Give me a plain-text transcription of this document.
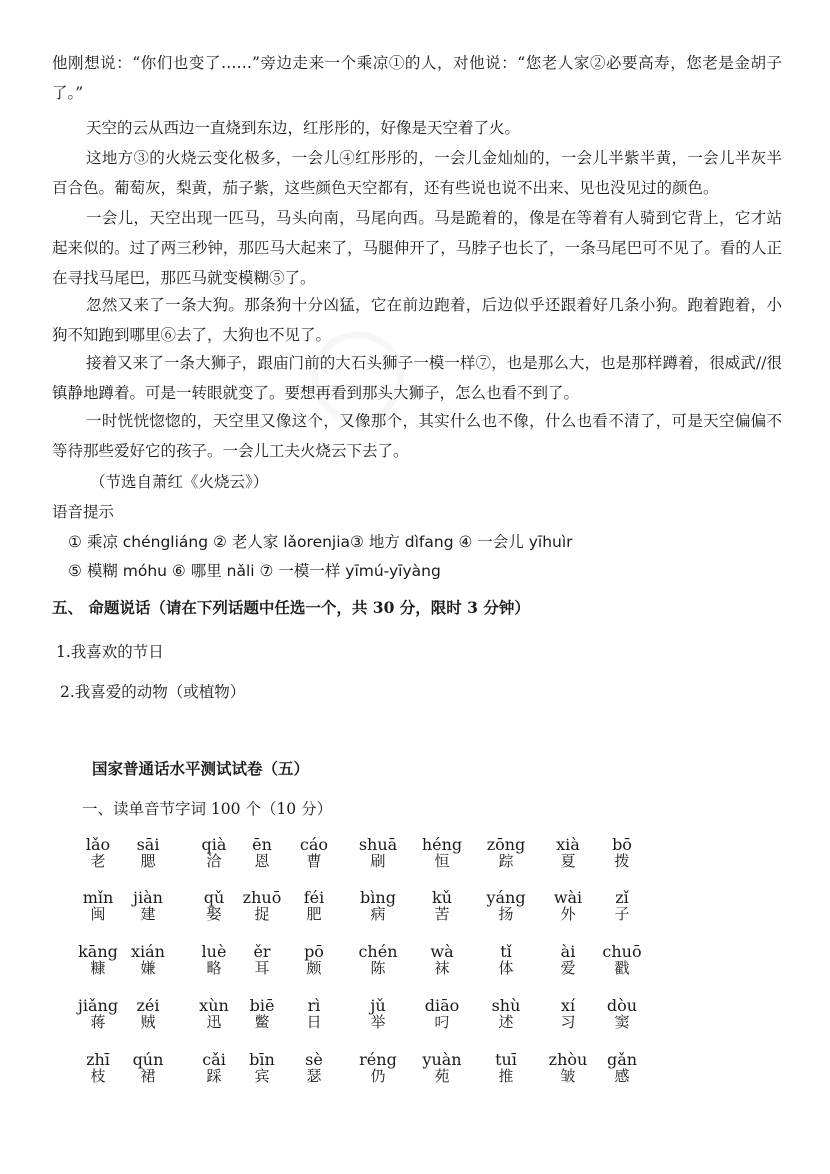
他刚想说：“你们也变了……”旁边走来一个乘凉①的人，对他说：“您老人家②必要高寿，您老是金胡子了。”

天空的云从西边一直烧到东边，红彤彤的，好像是天空着了火。

这地方③的火烧云变化极多，一会儿④红彤彤的，一会儿金灿灿的，一会儿半紫半黄，一会儿半灰半百合色。葡萄灰，梨黄，茄子紫，这些颜色天空都有，还有些说也说不出来、见也没见过的颜色。

一会儿，天空出现一匹马，马头向南，马尾向西。马是跪着的，像是在等着有人骑到它背上，它才站起来似的。过了两三秒钟，那匹马大起来了，马腿伸开了，马脖子也长了，一条马尾巴可不见了。看的人正在寻找马尾巴，那匹马就变模糊⑤了。

忽然又来了一条大狗。那条狗十分凶猛，它在前边跑着，后边似乎还跟着好几条小狗。跑着跑着，小狗不知跑到哪里⑥去了，大狗也不见了。

接着又来了一条大狮子，跟庙门前的大石头狮子一模一样⑦，也是那么大，也是那样蹲着，很威武//很镇静地蹲着。可是一转眼就变了。要想再看到那头大狮子，怎么也看不到了。

一时恍恍惚惚的，天空里又像这个，又像那个，其实什么也不像，什么也看不清了，可是天空偏偏不等待那些爱好它的孩子。一会儿工夫火烧云下去了。

（节选自萧红《火烧云》）
语音提示
① 乘凉 chéngliáng ② 老人家 lǎorenjia③ 地方 dìfang ④ 一会儿 yīhuìr
⑤ 模糊 móhu ⑥ 哪里 nǎli ⑦ 一模一样 yīmú-yīyàng
五、 命题说话（请在下列话题中任选一个，共 30 分，限时 3 分钟）
1.我喜欢的节日
2.我喜爱的动物（或植物）
国家普通话水平测试试卷（五）
一、读单音节字词 100 个（10 分）
lǎo
老
sāi
腮
qià
洽
ēn
恩
cáo
曹
shuā
刷
héng
恒
zōng
踪
xià
夏
bō
拨
mǐn
闽
jiàn
建
qǔ
娶
zhuō
捉
féi
肥
bìng
病
kǔ
苦
yáng
扬
wài
外
zǐ
子
kāng
糠
xián
嫌
luè
略
ěr
耳
pō
颇
chén
陈
wà
袜
tǐ
体
ài
爱
chuō
戳
jiǎng
蒋
zéi
贼
xùn
迅
biē
鳖
rì
日
jǔ
举
diāo
叼
shù
述
xí
习
dòu
窦
zhī
枝
qún
裙
cǎi
踩
bīn
宾
sè
瑟
réng
仍
yuàn
苑
tuī
推
zhòu
皱
gǎn
感
